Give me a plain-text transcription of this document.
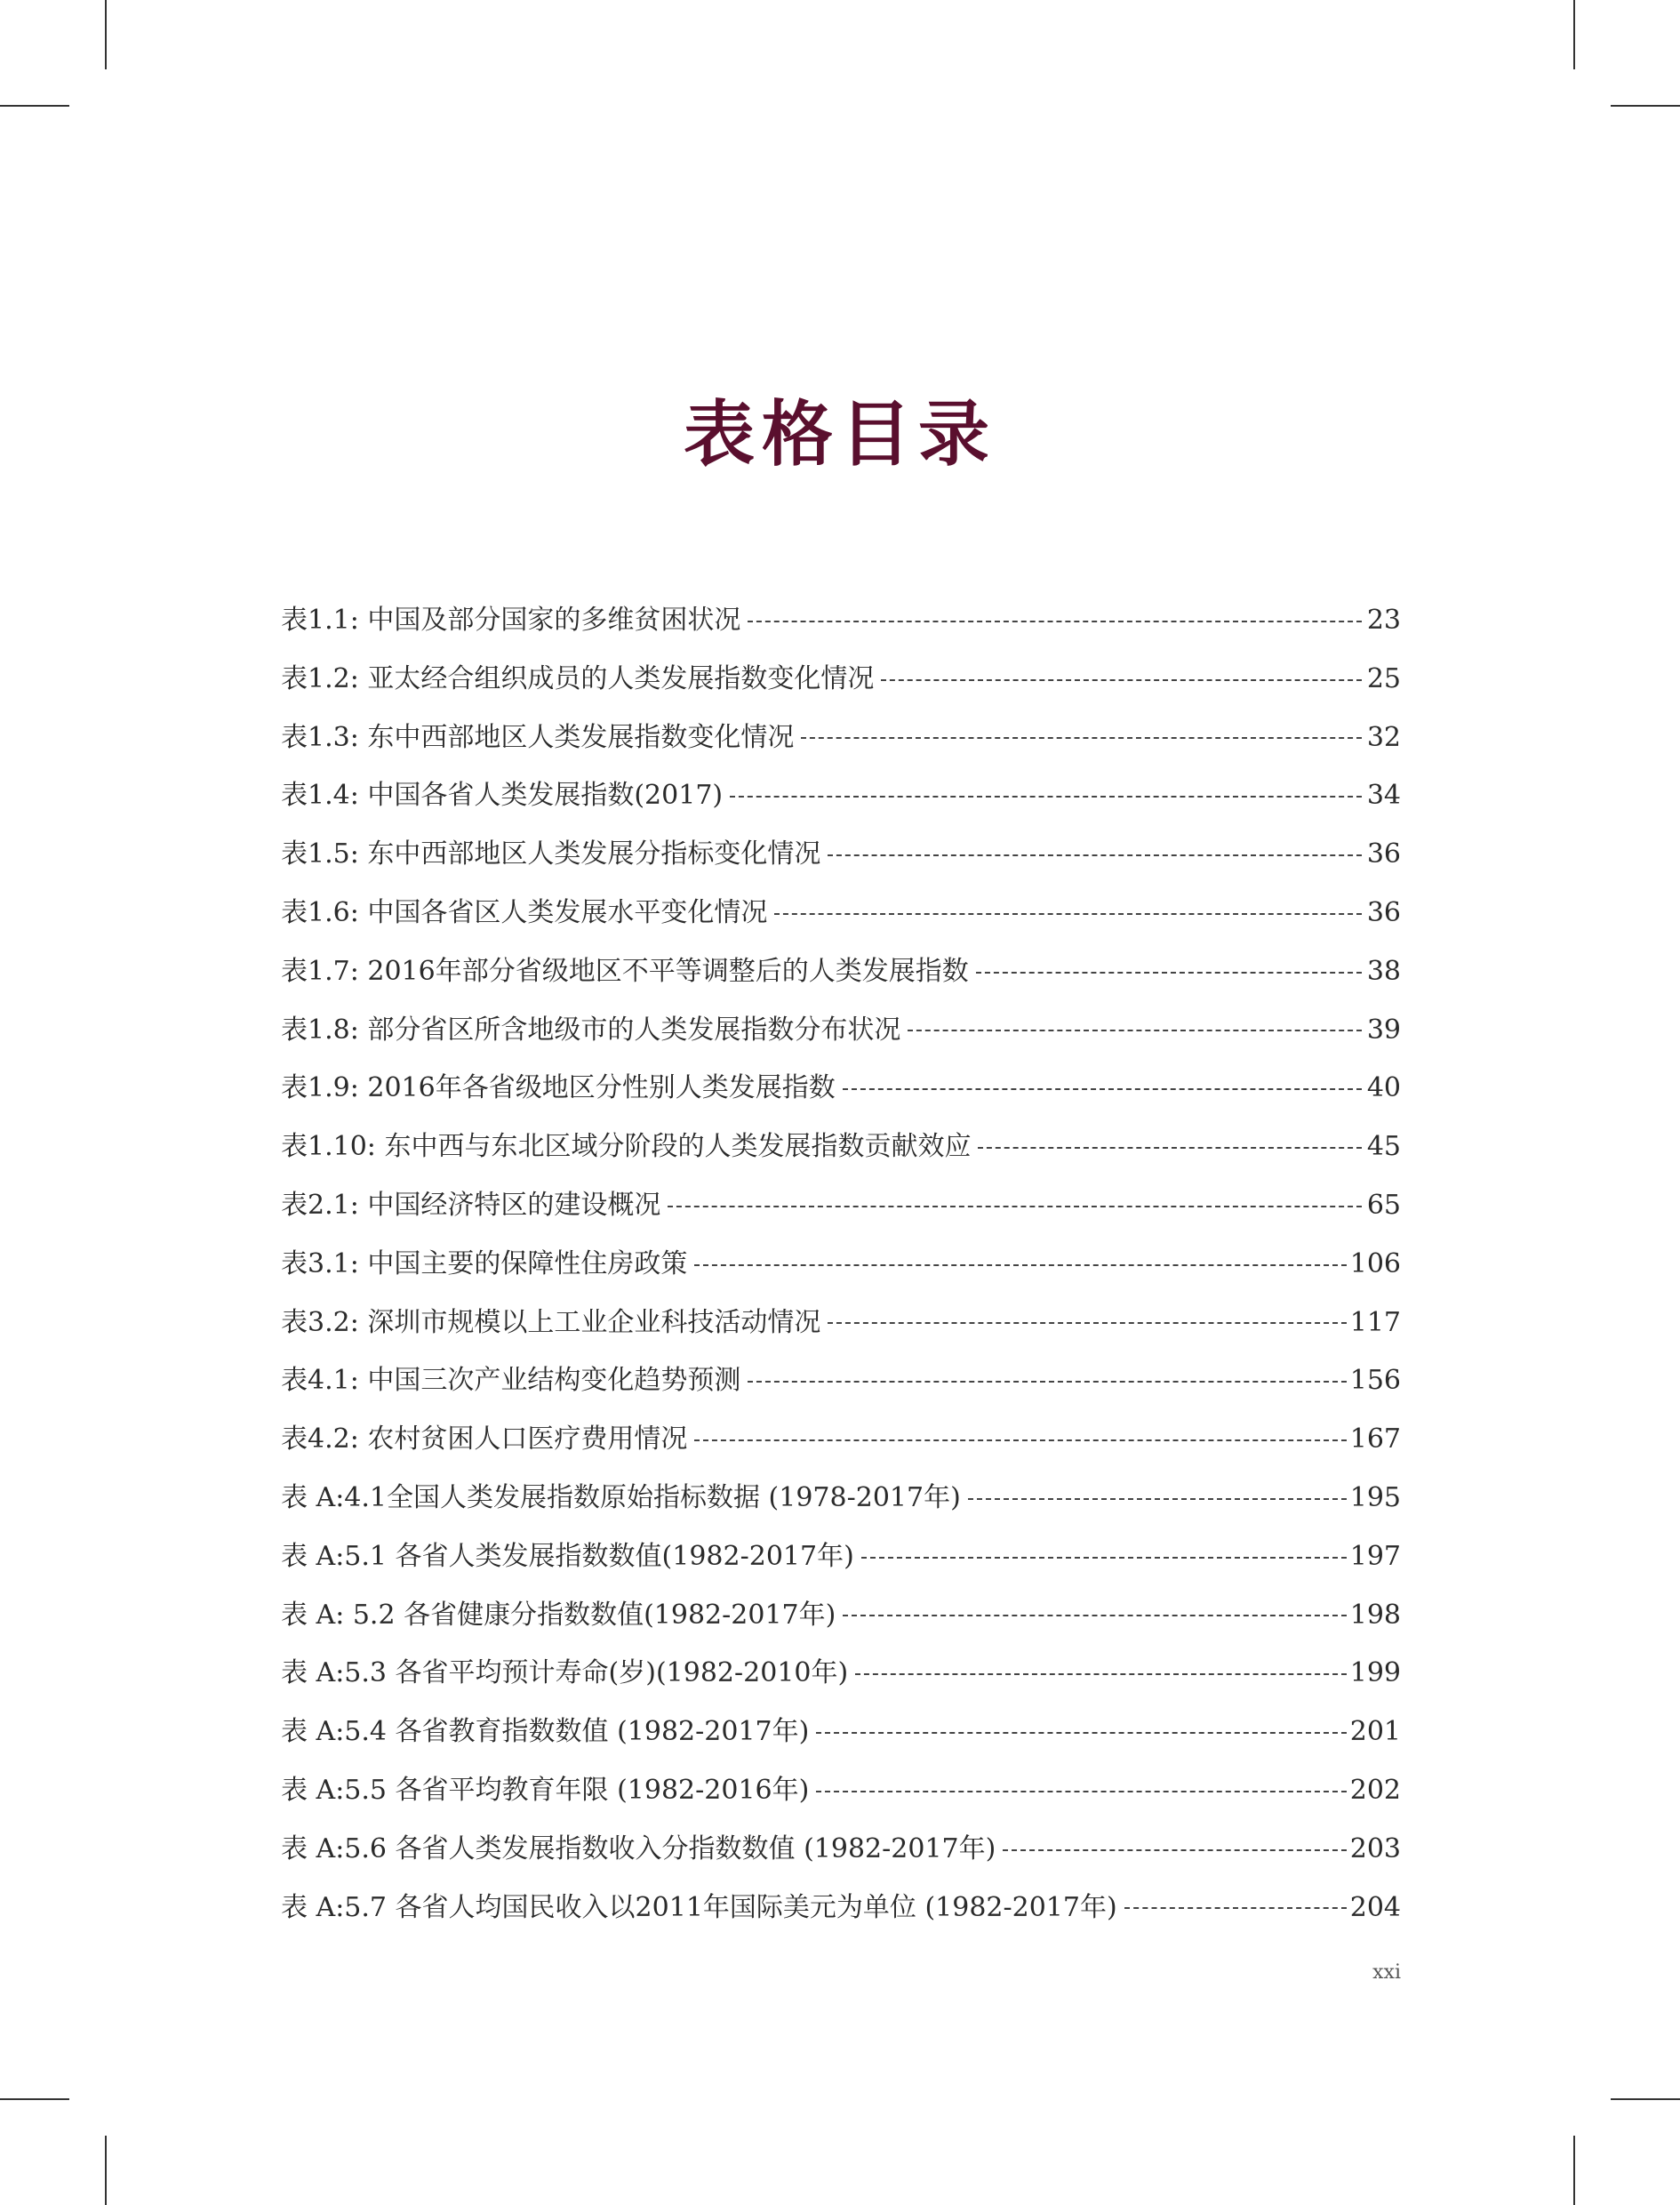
表格目录
表1.1: 中国及部分国家的多维贫困状况	23
表1.2: 亚太经合组织成员的人类发展指数变化情况	25
表1.3: 东中西部地区人类发展指数变化情况	32
表1.4: 中国各省人类发展指数(2017)	34
表1.5: 东中西部地区人类发展分指标变化情况	36
表1.6: 中国各省区人类发展水平变化情况	36
表1.7: 2016年部分省级地区不平等调整后的人类发展指数	38
表1.8: 部分省区所含地级市的人类发展指数分布状况	39
表1.9: 2016年各省级地区分性别人类发展指数	40
表1.10: 东中西与东北区域分阶段的人类发展指数贡献效应	45
表2.1: 中国经济特区的建设概况	65
表3.1: 中国主要的保障性住房政策	106
表3.2: 深圳市规模以上工业企业科技活动情况	117
表4.1: 中国三次产业结构变化趋势预测	156
表4.2: 农村贫困人口医疗费用情况	167
表 A:4.1全国人类发展指数原始指标数据 (1978-2017年)	195
表 A:5.1 各省人类发展指数数值(1982-2017年)	197
表 A: 5.2 各省健康分指数数值(1982-2017年)	198
表 A:5.3 各省平均预计寿命(岁)(1982-2010年)	199
表 A:5.4 各省教育指数数值 (1982-2017年)	201
表 A:5.5 各省平均教育年限 (1982-2016年)	202
表 A:5.6 各省人类发展指数收入分指数数值 (1982-2017年)	203
表 A:5.7 各省人均国民收入以2011年国际美元为单位 (1982-2017年)	204
xxi
